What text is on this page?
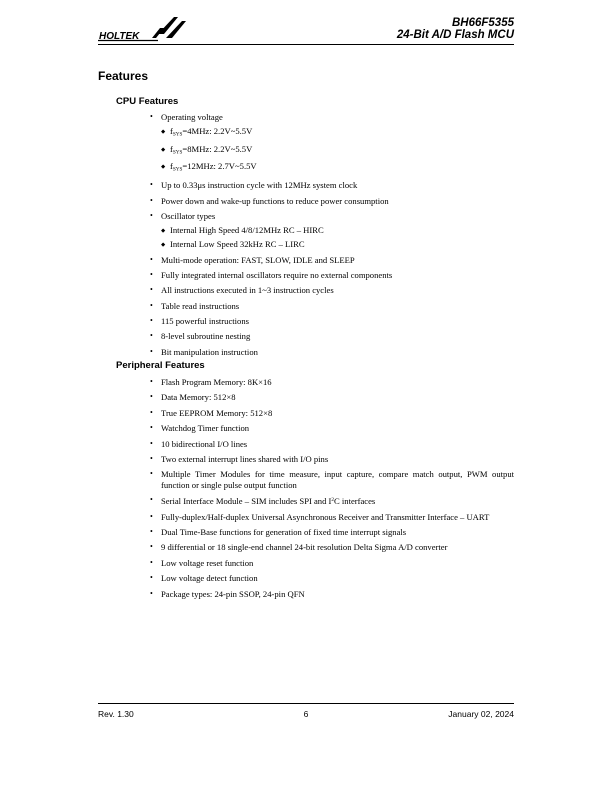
HOLTEK
BH66F5355
24-Bit A/D Flash MCU
Features
CPU Features
• Operating voltage
◆ $f_{SYS}=4MHz$: 2.2V~5.5V
◆ $f_{SYS}=8MHz$: 2.2V~5.5V
◆ $f_{SYS}=12MHz$: 2.7V~5.5V
• Up to 0.33μs instruction cycle with 12MHz system clock
• Power down and wake-up functions to reduce power consumption
• Oscillator types
◆ Internal High Speed 4/8/12MHz RC – HIRC
◆ Internal Low Speed 32kHz RC – LIRC
• Multi-mode operation: FAST, SLOW, IDLE and SLEEP
• Fully integrated internal oscillators require no external components
• All instructions executed in 1~3 instruction cycles
• Table read instructions
• 115 powerful instructions
• 8-level subroutine nesting
• Bit manipulation instruction
Peripheral Features
• Flash Program Memory: 8K×16
• Data Memory: 512×8
• True EEPROM Memory: 512×8
• Watchdog Timer function
• 10 bidirectional I/O lines
• Two external interrupt lines shared with I/O pins
• Multiple Timer Modules for time measure, input capture, compare match output, PWM output function or single pulse output function
• Serial Interface Module – SIM includes SPI and $I^2C$ interfaces
• Fully-duplex/Half-duplex Universal Asynchronous Receiver and Transmitter Interface – UART
• Dual Time-Base functions for generation of fixed time interrupt signals
• 9 differential or 18 single-end channel 24-bit resolution Delta Sigma A/D converter
• Low voltage reset function
• Low voltage detect function
• Package types: 24-pin SSOP, 24-pin QFN
Rev. 1.30	6	January 02, 2024
